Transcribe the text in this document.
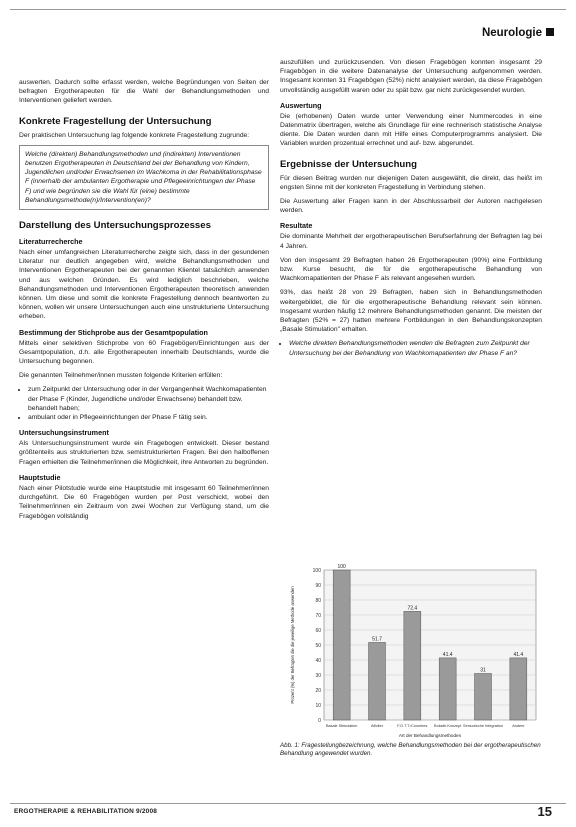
Neurologie

auswerten. Dadurch sollte erfasst werden, welche Begründungen von Seiten der befragten Ergotherapeuten für die Wahl der Behandlungsmethoden und Interventionen geliefert werden.

Konkrete Fragestellung der Untersuchung

Der praktischen Untersuchung lag folgende konkrete Fragestellung zugrunde:

Welche (direkten) Behandlungsmethoden und (indirekten) Interventionen benutzen Ergotherapeuten in Deutschland bei der Behandlung von Kindern, Jugendlichen und/oder Erwachsenen im Wachkoma in der Rehabilitationsphase F (innerhalb der ambulanten Ergotherapie und Pflegeeinrichtungen der Phase F) und wie begründen sie die Wahl für (eine) bestimmte Behandlungsmethode(n)/Intervention(en)?
Darstellung des Untersuchungsprozesses
Literaturrecherche

Nach einer umfangreichen Literaturrecherche zeigte sich, dass in der gesundenen Literatur nur deutlich angegeben wird, welche Behandlungsmethoden und Interventionen Ergotherapeuten bei der genannten Klientel tatsächlich anwenden und aus welchen Gründen. Es wird lediglich beschrieben, welche Behandlungsmethoden und Interventionen Ergotherapeuten theoretisch anwenden können. Um diese und somit die konkrete Fragestellung dennoch beantworten zu können, wollen wir unsere Untersuchungen auch eine unstrukturierte Untersuchung erheben.

Bestimmung der Stichprobe aus der Gesamtpopulation

Mittels einer selektiven Stichprobe von 60 Fragebögen/Einrichtungen aus der Gesamtpopulation, d.h. alle Ergotherapeuten innerhalb Deutschlands, wurde die Untersuchung begonnen.

Die genannten Teilnehmer/innen mussten folgende Kriterien erfüllen:

• zum Zeitpunkt der Untersuchung oder in der Vergangenheit Wachkomapatienten der Phase F (Kinder, Jugendliche und/oder Erwachsene) behandelt bzw. behandelt haben;
• ambulant oder in Pflegeeinrichtungen der Phase F tätig sein.
Untersuchungsinstrument

Als Untersuchungsinstrument wurde ein Fragebogen entwickelt. Dieser bestand größtenteils aus strukturierten bzw. semistrukturierten Fragen. Bei den halboffenen Fragen erhielten die Teilnehmer/innen die Möglichkeit, ihre Antworten zu begründen.

Hauptstudie

Nach einer Pilotstudie wurde eine Hauptstudie mit insgesamt 60 Teilnehmer/innen durchgeführt. Die 60 Fragebögen wurden per Post verschickt, wobei den Teilnehmer/innen ein Zeitraum von zwei Wochen zur Verfügung stand, um die Fragebögen vollständig

auszufüllen und zurückzusenden. Von diesen Fragebögen konnten insgesamt 29 Fragebögen in die weitere Datenanalyse der Untersuchung aufgenommen werden. Insgesamt konnten 31 Fragebögen (52%) nicht analysiert werden, da diese Fragebögen unvollständig ausgefüllt waren oder zu spät bzw. gar nicht zurückgesendet wurden.

Auswertung

Die (erhobenen) Daten wurde unter Verwendung einer Nummercodes in eine Datenmatrix übertragen, welche als Grundlage für eine rechnerisch statistische Analyse diente. Die Daten wurden dann mit Hilfe eines Computerprogramms analysiert. Die Variablen wurden prozentual errechnet und auf- bzw. abgerundet.

Ergebnisse der Untersuchung

Für diesen Beitrag wurden nur diejenigen Daten ausgewählt, die direkt, das heißt im engsten Sinne mit der konkreten Fragestellung in Verbindung stehen.

Die Auswertung aller Fragen kann in der Abschlussarbeit der Autoren nachgelesen werden.

Resultate

Die dominante Mehrheit der ergotherapeutischen Berufserfahrung der Befragten lag bei 4 Jahren.

Von den insgesamt 29 Befragten haben 26 Ergotherapeuten (90%) eine Fortbildung bzw. Kurse besucht, die für die ergotherapeutische Behandlung von Wachkomapatienten der Phase F als relevant angesehen wurden.

93%, das heißt 28 von 29 Befragten, haben sich in Behandlungsmethoden weitergebildet, die für die ergotherapeutische Behandlung relevant sein können. Insgesamt wurden häufig 12 mehrere Behandlungsmethoden genannt. Die meisten der Befragten (52% = 27) hatten mehrere Fortbildungen in den Behandlungskonzepten „Basale Stimulation" erhalten.

• Welche direkten Behandlungsmethoden wenden die Befragten zum Zeitpunkt der Untersuchung bei der Behandlung von Wachkomapatienten der Phase F an?
0
10
20
30
40
50
60
70
80
90
100
100
Basale Stimulation
51.7
Affolter
72.4
F.O.T.T./Coombes
41.4
Bobath-Konzept
31
Sensorische Integration
41.4
Andere
Art der Behandlungsmethoden
Prozent (%) der Befragten die die jeweilige Methode anwenden
Abb. 1: Fragestellungbezeichnung, welche Behandlungsmethoden bei der ergotherapeutischen Behandlung angewendet wurden.
ERGOTHERAPIE & REHABILITATION 9/2008	15
